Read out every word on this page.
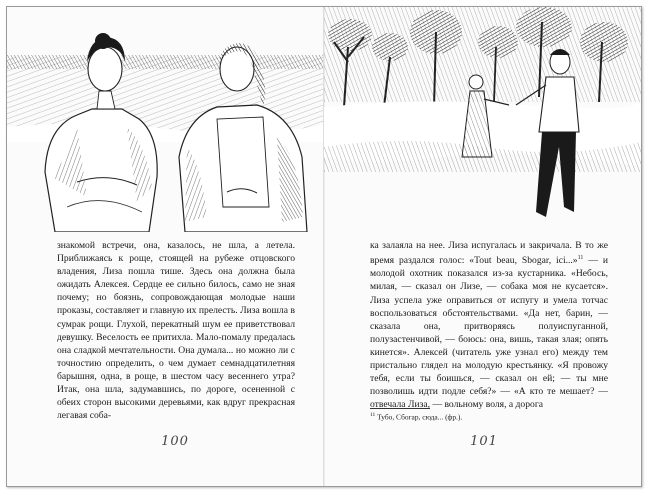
знакомой встречи, она, казалось, не шла, а летела. Приближаясь к роще, стоящей на рубеже отцовского владения, Лиза пошла тише. Здесь она должна была ожидать Алексея. Сердце ее сильно билось, само не зная почему; но боязнь, сопровождающая молодые наши проказы, составляет и главную их прелесть. Лиза вошла в сумрак рощи. Глухой, перекатный шум ее приветствовал девушку. Веселость ее притихла. Мало-помалу предалась она сладкой мечтательности. Она думала... но можно ли с точностию определить, о чем думает семнадцатилетняя барышня, одна, в роще, в шестом часу весеннего утра? Итак, она шла, задумавшись, по дороге, осененной с обеих сторон высокими деревьями, как вдруг прекрасная легавая соба-
100
ка залаяла на нее. Лиза испугалась и закричала. В то же время раздался голос: «Tout beau, Sbogar, ici...»$^{11}$ — и молодой охотник показался из-за кустарника. «Небось, милая, — сказал он Лизе, — собака моя не кусается». Лиза успела уже оправиться от испугу и умела тотчас воспользоваться обстоятельствами. «Да нет, барин, — сказала она, притворяясь полуиспуганной, полузастенчивой, — боюсь: она, вишь, такая злая; опять кинется». Алексей (читатель уже узнал его) между тем пристально глядел на молодую крестьянку. «Я провожу тебя, если ты боишься, — сказал он ей; — ты мне позволишь идти подле себя?» — «А кто те мешает? — отвечала Лиза, — вольному воля, а дорога
$^{11}$ Тубо, Сбогар, сюда... (фр.).
101
